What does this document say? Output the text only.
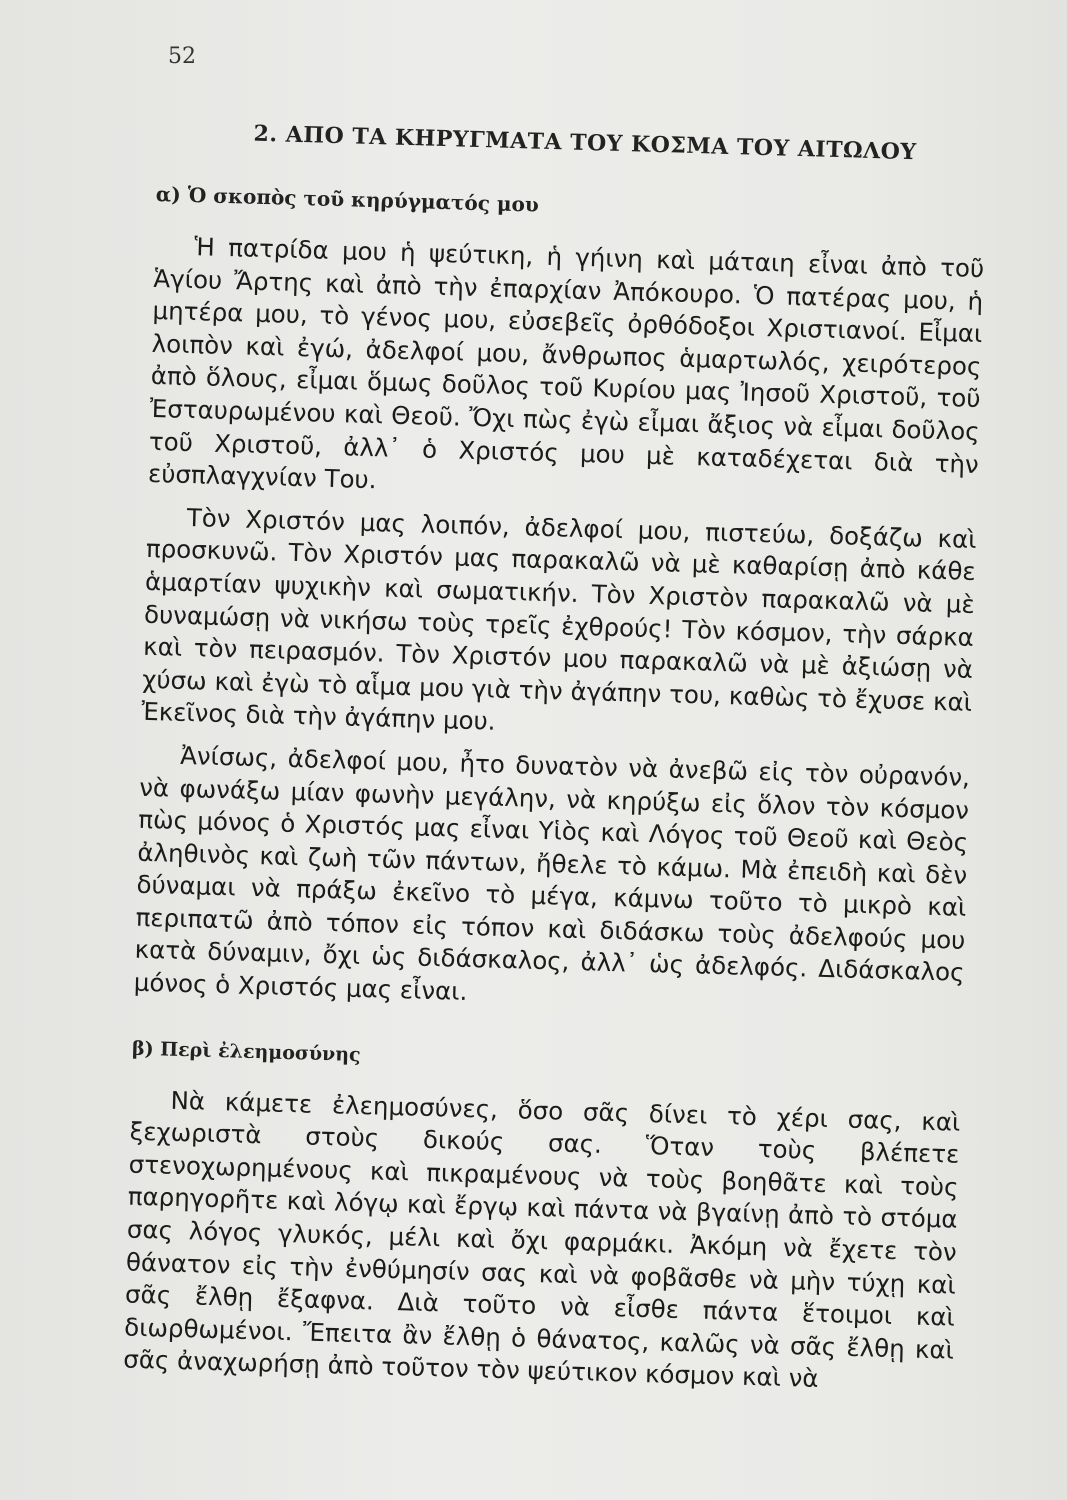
52
2. ΑΠΟ ΤΑ ΚΗΡΥΓΜΑΤΑ ΤΟΥ ΚΟΣΜΑ ΤΟΥ ΑΙΤΩΛΟΥ
α) Ὁ σκοπὸς τοῦ κηρύγματός μου

Ἡ πατρίδα μου ἡ ψεύτικη, ἡ γήινη καὶ μάταιη εἶναι ἀπὸ τοῦ Ἁγίου Ἄρτης καὶ ἀπὸ τὴν ἐπαρχίαν Ἀπόκουρο. Ὁ πατέρας μου, ἡ μητέρα μου, τὸ γένος μου, εὐσεβεῖς ὀρθόδοξοι Χριστιανοί. Εἶμαι λοιπὸν καὶ ἐγώ, ἀδελφοί μου, ἄνθρωπος ἁμαρτωλός, χειρότερος ἀπὸ ὅλους, εἶμαι ὅμως δοῦλος τοῦ Κυρίου μας Ἰησοῦ Χριστοῦ, τοῦ Ἐσταυρωμένου καὶ Θεοῦ. Ὄχι πὼς ἐγὼ εἶμαι ἄξιος νὰ εἶμαι δοῦλος τοῦ Χριστοῦ, ἀλλ᾽ ὁ Χριστός μου μὲ καταδέχεται διὰ τὴν εὐσπλαγχνίαν Του.

Τὸν Χριστόν μας λοιπόν, ἀδελφοί μου, πιστεύω, δοξάζω καὶ προσκυνῶ. Τὸν Χριστόν μας παρακαλῶ νὰ μὲ καθαρίσῃ ἀπὸ κάθε ἁμαρτίαν ψυχικὴν καὶ σωματικήν. Τὸν Χριστὸν παρακαλῶ νὰ μὲ δυναμώσῃ νὰ νικήσω τοὺς τρεῖς ἐχθρούς! Τὸν κόσμον, τὴν σάρκα καὶ τὸν πειρασμόν. Τὸν Χριστόν μου παρακαλῶ νὰ μὲ ἀξιώσῃ νὰ χύσω καὶ ἐγὼ τὸ αἷμα μου γιὰ τὴν ἀγάπην του, καθὼς τὸ ἔχυσε καὶ Ἐκεῖνος διὰ τὴν ἀγάπην μου.

Ἀνίσως, ἀδελφοί μου, ἦτο δυνατὸν νὰ ἀνεβῶ εἰς τὸν οὐρανόν, νὰ φωνάξω μίαν φωνὴν μεγάλην, νὰ κηρύξω εἰς ὅλον τὸν κόσμον πὼς μόνος ὁ Χριστός μας εἶναι Υἱὸς καὶ Λόγος τοῦ Θεοῦ καὶ Θεὸς ἀληθινὸς καὶ ζωὴ τῶν πάντων, ἤθελε τὸ κάμω. Μὰ ἐπειδὴ καὶ δὲν δύναμαι νὰ πράξω ἐκεῖνο τὸ μέγα, κάμνω τοῦτο τὸ μικρὸ καὶ περιπατῶ ἀπὸ τόπον εἰς τόπον καὶ διδάσκω τοὺς ἀδελφούς μου κατὰ δύναμιν, ὄχι ὡς διδάσκαλος, ἀλλ᾽ ὡς ἀδελφός. Διδάσκαλος μόνος ὁ Χριστός μας εἶναι.

β) Περὶ ἐλεημοσύνης

Νὰ κάμετε ἐλεημοσύνες, ὅσο σᾶς δίνει τὸ χέρι σας, καὶ ξεχωριστὰ στοὺς δικούς σας. Ὅταν τοὺς βλέπετε στενοχωρημένους καὶ πικραμένους νὰ τοὺς βοηθᾶτε καὶ τοὺς παρηγορῆτε καὶ λόγῳ καὶ ἔργῳ καὶ πάντα νὰ βγαίνῃ ἀπὸ τὸ στόμα σας λόγος γλυκός, μέλι καὶ ὄχι φαρμάκι. Ἀκόμη νὰ ἔχετε τὸν θάνατον εἰς τὴν ἐνθύμησίν σας καὶ νὰ φοβᾶσθε νὰ μὴν τύχῃ καὶ σᾶς ἔλθῃ ἔξαφνα. Διὰ τοῦτο νὰ εἶσθε πάντα ἕτοιμοι καὶ διωρθωμένοι. Ἔπειτα ἂν ἔλθῃ ὁ θάνατος, καλῶς νὰ σᾶς ἔλθῃ καὶ σᾶς ἀναχωρήσῃ ἀπὸ τοῦτον τὸν ψεύτικον κόσμον καὶ νὰ
